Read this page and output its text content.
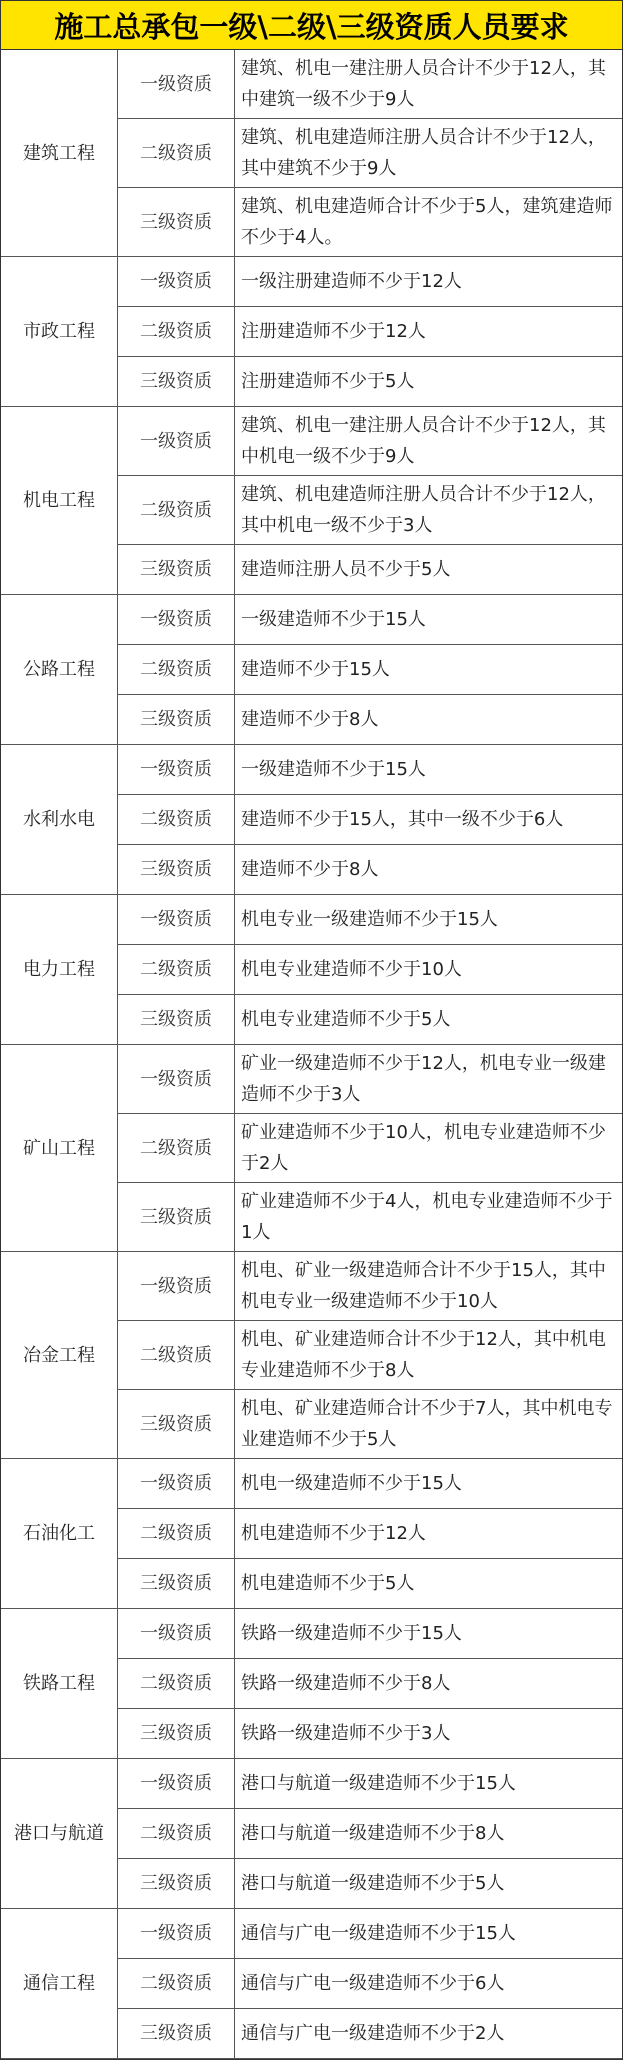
施工总承包一级\二级\三级资质人员要求
建筑工程	一级资质	建筑、机电一建注册人员合计不少于12人，其中建筑一级不少于9人
	二级资质	建筑、机电建造师注册人员合计不少于12人，其中建筑不少于9人
	三级资质	建筑、机电建造师合计不少于5人，建筑建造师不少于4人。
市政工程	一级资质	一级注册建造师不少于12人
	二级资质	注册建造师不少于12人
	三级资质	注册建造师不少于5人
机电工程	一级资质	建筑、机电一建注册人员合计不少于12人，其中机电一级不少于9人
	二级资质	建筑、机电建造师注册人员合计不少于12人，其中机电一级不少于3人
	三级资质	建造师注册人员不少于5人
公路工程	一级资质	一级建造师不少于15人
	二级资质	建造师不少于15人
	三级资质	建造师不少于8人
水利水电	一级资质	一级建造师不少于15人
	二级资质	建造师不少于15人，其中一级不少于6人
	三级资质	建造师不少于8人
电力工程	一级资质	机电专业一级建造师不少于15人
	二级资质	机电专业建造师不少于10人
	三级资质	机电专业建造师不少于5人
矿山工程	一级资质	矿业一级建造师不少于12人，机电专业一级建造师不少于3人
	二级资质	矿业建造师不少于10人，机电专业建造师不少于2人
	三级资质	矿业建造师不少于4人，机电专业建造师不少于1人
冶金工程	一级资质	机电、矿业一级建造师合计不少于15人，其中机电专业一级建造师不少于10人
	二级资质	机电、矿业建造师合计不少于12人，其中机电专业建造师不少于8人
	三级资质	机电、矿业建造师合计不少于7人，其中机电专业建造师不少于5人
石油化工	一级资质	机电一级建造师不少于15人
	二级资质	机电建造师不少于12人
	三级资质	机电建造师不少于5人
铁路工程	一级资质	铁路一级建造师不少于15人
	二级资质	铁路一级建造师不少于8人
	三级资质	铁路一级建造师不少于3人
港口与航道	一级资质	港口与航道一级建造师不少于15人
	二级资质	港口与航道一级建造师不少于8人
	三级资质	港口与航道一级建造师不少于5人
通信工程	一级资质	通信与广电一级建造师不少于15人
	二级资质	通信与广电一级建造师不少于6人
	三级资质	通信与广电一级建造师不少于2人
